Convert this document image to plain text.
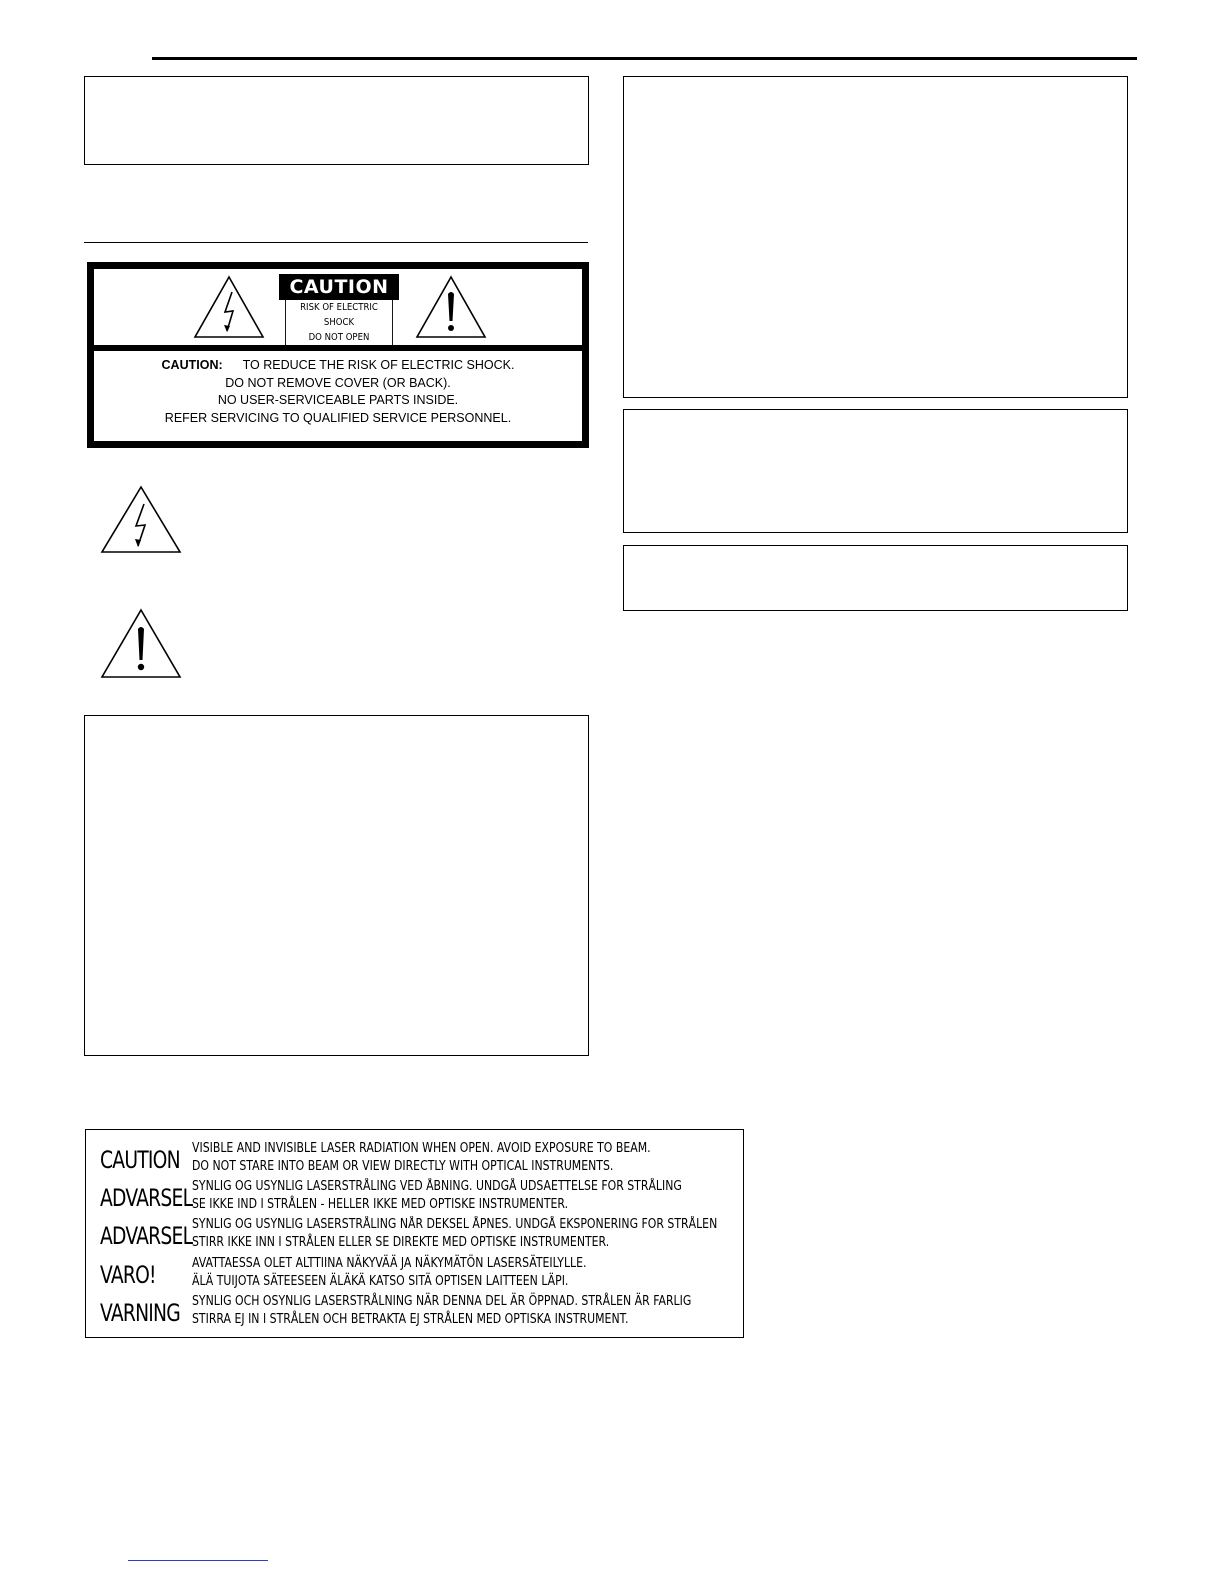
CAUTION
RISK OF ELECTRIC SHOCK
DO NOT OPEN
CAUTION: TO REDUCE THE RISK OF ELECTRIC SHOCK.
DO NOT REMOVE COVER (OR BACK).
NO USER-SERVICEABLE PARTS INSIDE.
REFER SERVICING TO QUALIFIED SERVICE PERSONNEL.
CAUTION VISIBLE AND INVISIBLE LASER RADIATION WHEN OPEN. AVOID EXPOSURE TO BEAM.
DO NOT STARE INTO BEAM OR VIEW DIRECTLY WITH OPTICAL INSTRUMENTS.
ADVARSEL SYNLIG OG USYNLIG LASERSTRÅLING VED ÅBNING. UNDGÅ UDSAETTELSE FOR STRÅLING
SE IKKE IND I STRÅLEN - HELLER IKKE MED OPTISKE INSTRUMENTER.
ADVARSEL SYNLIG OG USYNLIG LASERSTRÅLING NÅR DEKSEL ÅPNES. UNDGÅ EKSPONERING FOR STRÅLEN
STIRR IKKE INN I STRÅLEN ELLER SE DIREKTE MED OPTISKE INSTRUMENTER.
VARO!	AVATTAESSA OLET ALTTIINA NÄKYVÄÄ JA NÄKYMÄTÖN LASERSÄTEILYLLE.
ÄLÄ TUIJOTA SÄTEESEEN ÄLÄKÄ KATSO SITÄ OPTISEN LAITTEEN LÄPI.
VARNING SYNLIG OCH OSYNLIG LASERSTRÅLNING NÄR DENNA DEL ÄR ÖPPNAD. STRÅLEN ÄR FARLIG
STIRRA EJ IN I STRÅLEN OCH BETRAKTA EJ STRÅLEN MED OPTISKA INSTRUMENT.
